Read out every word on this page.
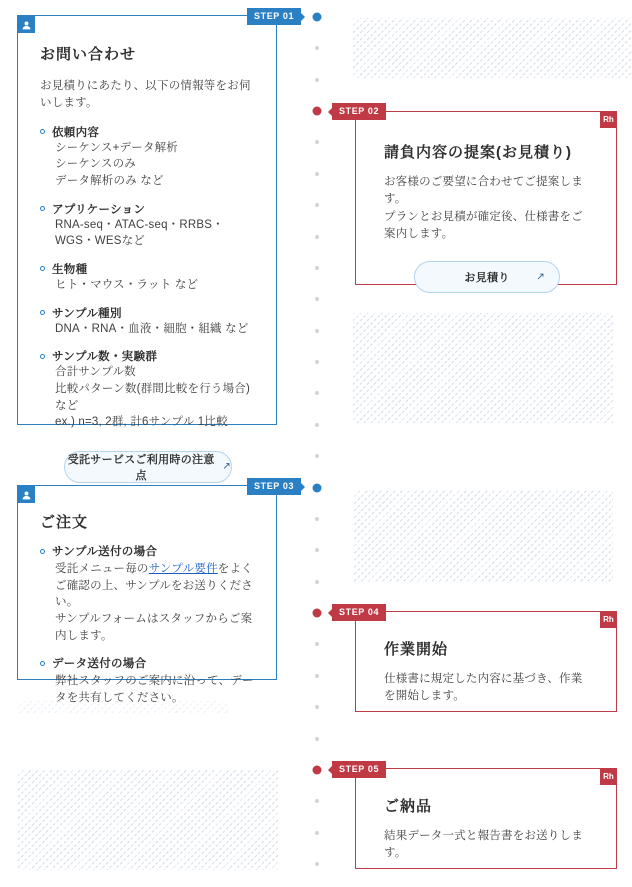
お問い合わせ
お見積りにあたり、以下の情報等をお伺いします。
依頼内容
シーケンス+データ解析
シーケンスのみ
データ解析のみ など
アプリケーション
RNA-seq・ATAC-seq・RRBS・WGS・WESなど
生物種
ヒト・マウス・ラット など
サンプル種別
DNA・RNA・血液・細胞・組織 など
サンプル数・実験群
合計サンプル数
比較パターン数(群間比較を行う場合) など
ex.) n=3, 2群, 計6サンプル 1比較
受託サービスご利用時の注意点
↗
STEP 01
Rh
請負内容の提案(お見積り)
お客様のご要望に合わせてご提案します。
プランとお見積が確定後、仕様書をご案内します。
お見積り	↗
STEP 02
ご注文
サンプル送付の場合
受託メニュー毎のサンプル要件をよくご確認の上、サンプルをお送りください。
サンプルフォームはスタッフからご案内します。
データ送付の場合
弊社スタッフのご案内に沿って、データを共有してください。
STEP 03
Rh
作業開始
仕様書に規定した内容に基づき、作業を開始します。
STEP 04
Rh
ご納品
結果データ一式と報告書をお送りします。
STEP 05
